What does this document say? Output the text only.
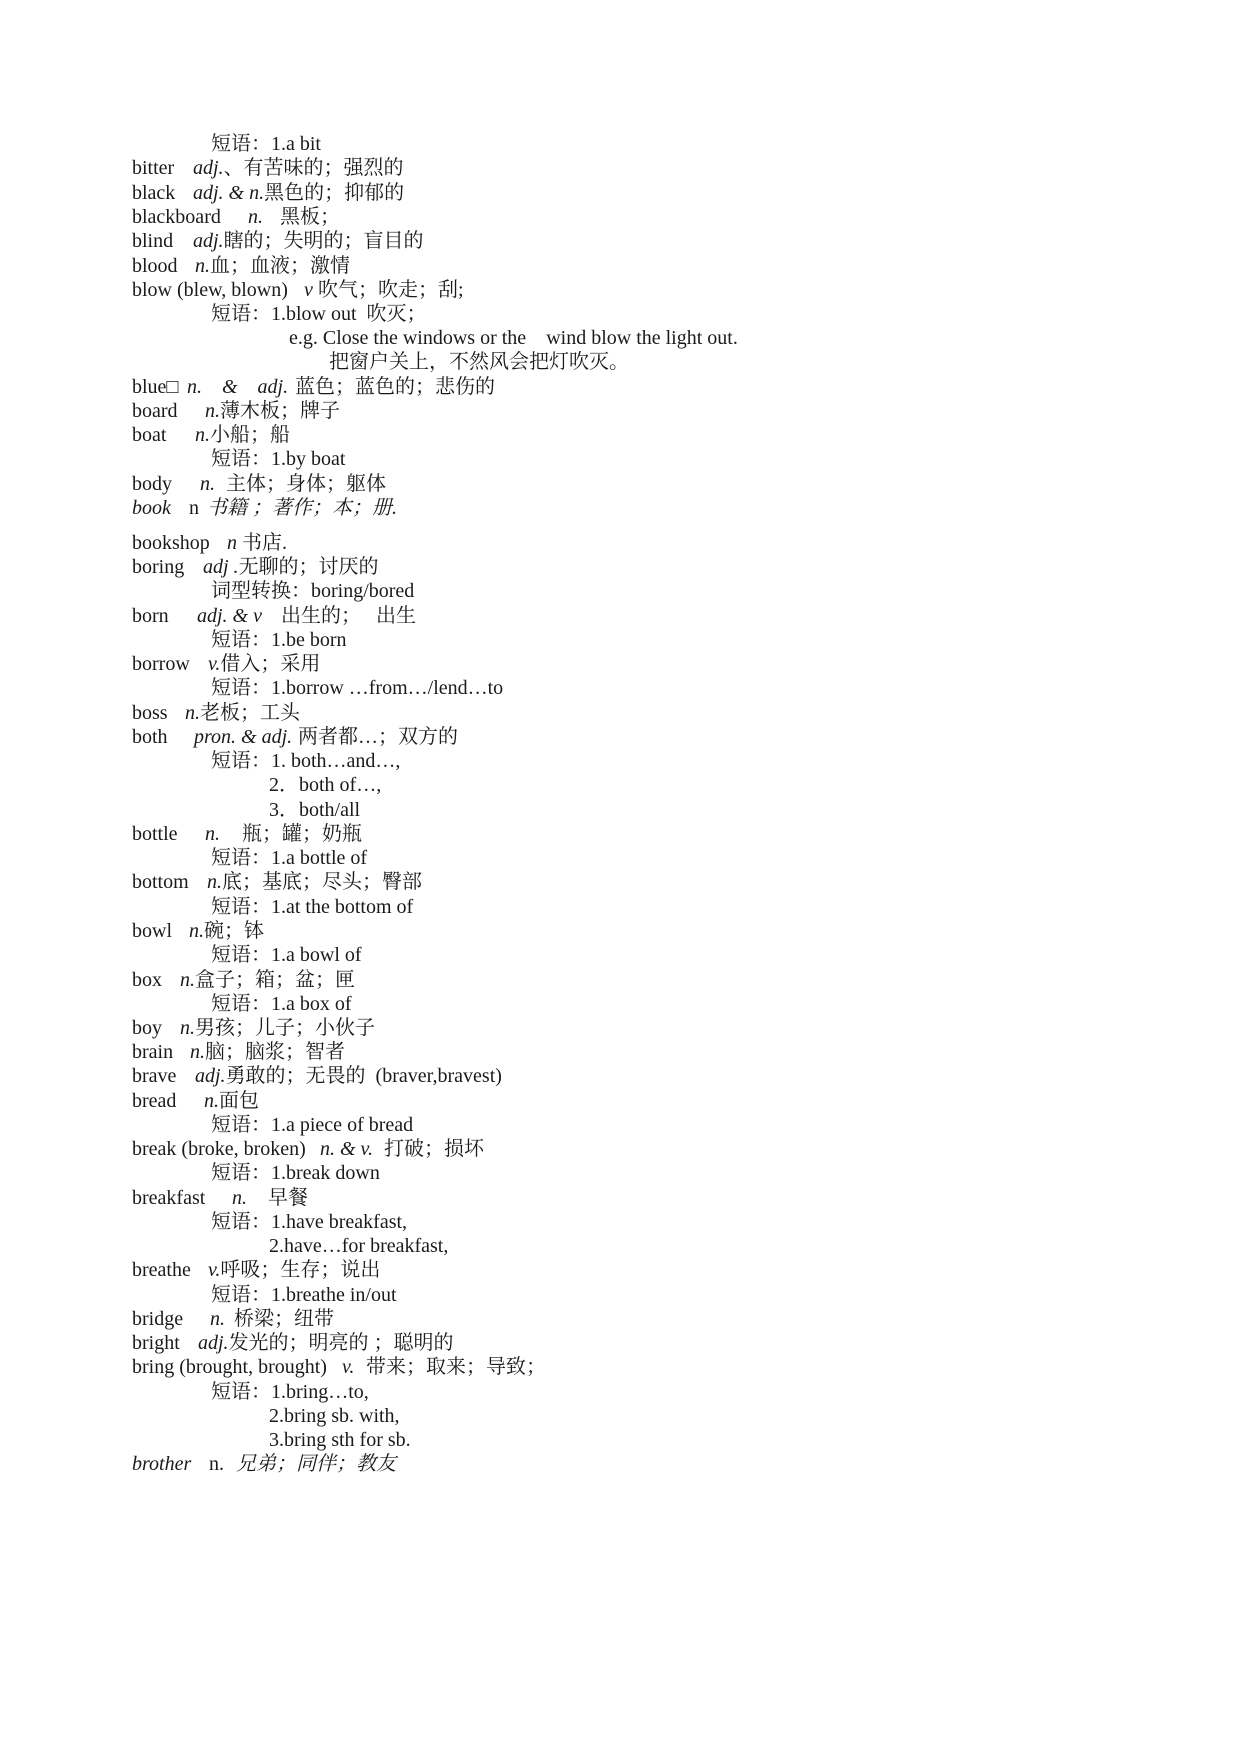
短语：1.a bit
bitter adj.、有苦味的；强烈的
black adj. & n.黑色的；抑郁的
blackboard n. 黑板；
blind adj.瞎的；失明的；盲目的
blood n.血；血液；激情
blow (blew, blown) v 吹气；吹走；刮;
短语：1.blow out  吹灭；
e.g. Close the windows or the    wind blow the light out.
把窗户关上，不然风会把灯吹灭。
blue□ n.    &    adj. 蓝色；蓝色的；悲伤的
board n.薄木板；牌子
boat n.小船；船
短语：1.by boat
body n. 主体；身体；躯体
book n 书籍 ；著作；本；册.
bookshop n 书店.
boring adj .无聊的；讨厌的
词型转换：boring/bored
born adj. & v 出生的；   出生
短语：1.be born
borrow v.借入；采用
短语：1.borrow …from…/lend…to
boss n.老板；工头
both pron. & adj. 两者都…；双方的
短语：1. both…and…,
2．both of…,
3．both/all
bottle n. 瓶；罐；奶瓶
短语：1.a bottle of
bottom n.底；基底；尽头；臀部
短语：1.at the bottom of
bowl n.碗；钵
短语：1.a bowl of
box n.盒子；箱；盆；匣
短语：1.a box of
boy n.男孩；儿子；小伙子
brain n.脑；脑浆；智者
brave adj.勇敢的；无畏的  (braver,bravest)
bread n.面包
短语：1.a piece of bread
break (broke, broken) n. & v. 打破；损坏
短语：1.break down
breakfast n. 早餐
短语：1.have breakfast,
2.have…for breakfast,
breathe v.呼吸；生存；说出
短语：1.breathe in/out
bridge n. 桥梁；纽带
bright adj.发光的；明亮的 ；聪明的
bring (brought, brought) v. 带来；取来；导致；
短语：1.bring…to,
2.bring sb. with,
3.bring sth for sb.
brother n. 兄弟；同伴；教友
